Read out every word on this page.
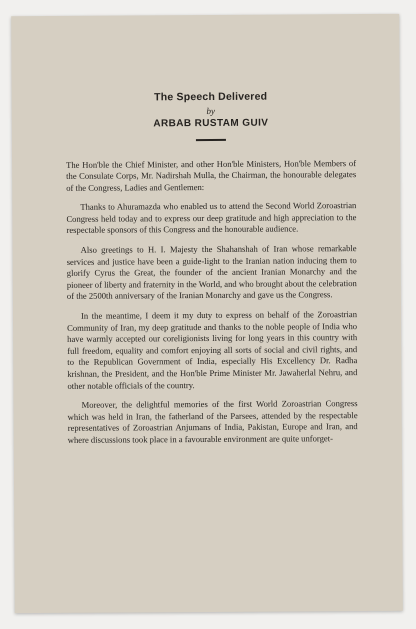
The Speech Delivered

by

ARBAB RUSTAM GUIV

The Hon'ble the Chief Minister, and other Hon'ble Ministers, Hon'ble Members of the Consulate Corps, Mr. Nadirshah Mulla, the Chairman, the honourable delegates of the Congress, Ladies and Gentlemen:

Thanks to Ahuramazda who enabled us to attend the Second World Zoroastrian Congress held today and to express our deep gratitude and high appreciation to the respectable sponsors of this Congress and the honourable audience.

Also greetings to H. I. Majesty the Shahanshah of Iran whose remarkable services and justice have been a guide-light to the Iranian nation inducing them to glorify Cyrus the Great, the founder of the ancient Iranian Monarchy and the pioneer of liberty and fraternity in the World, and who brought about the celebration of the 2500th anniversary of the Iranian Monarchy and gave us the Congress.

In the meantime, I deem it my duty to express on behalf of the Zoroastrian Community of Iran, my deep gratitude and thanks to the noble people of India who have warmly accepted our coreligionists living for long years in this country with full freedom, equality and comfort enjoying all sorts of social and civil rights, and to the Republican Government of India, especially His Excellency Dr. Radha krishnan, the President, and the Hon'ble Prime Minister Mr. Jawaherlal Nehru, and other notable officials of the country.

Moreover, the delightful memories of the first World Zoroastrian Congress which was held in Iran, the fatherland of the Parsees, attended by the respectable representatives of Zoroastrian Anjumans of India, Pakistan, Europe and Iran, and where discussions took place in a favourable environment are quite unforget-
